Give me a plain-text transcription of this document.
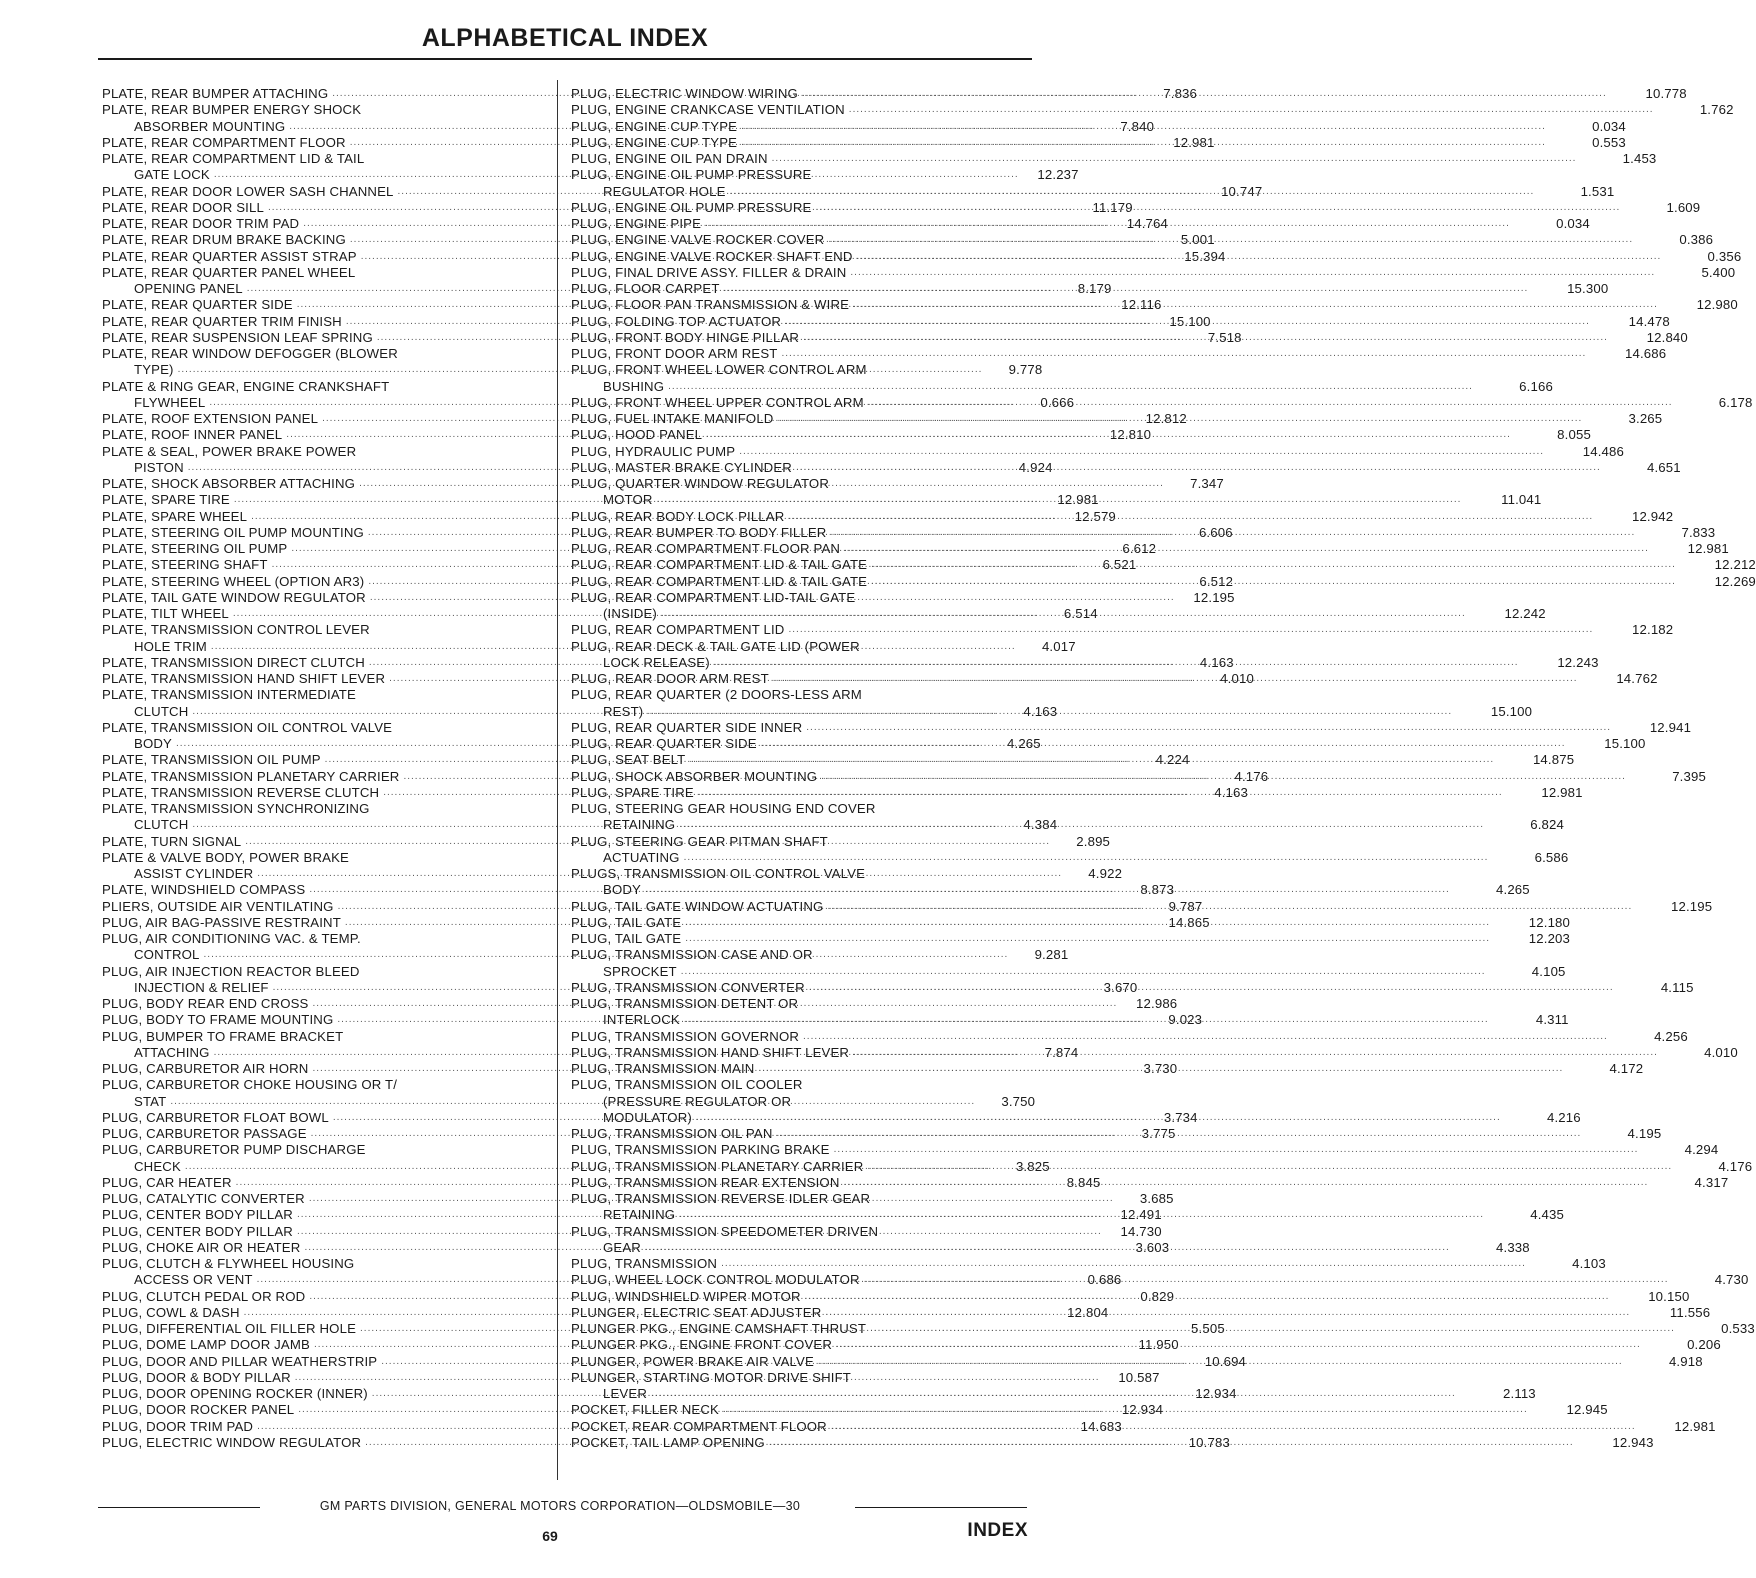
ALPHABETICAL INDEX
PLATE, REAR BUMPER ATTACHING .....	7.836
PLATE, REAR BUMPER ENERGY SHOCK
ABSORBER MOUNTING .....	7.840
PLATE, REAR COMPARTMENT FLOOR .....	12.981
PLATE, REAR COMPARTMENT LID & TAIL
GATE LOCK .....	12.237
PLATE, REAR DOOR LOWER SASH CHANNEL .....	10.747
PLATE, REAR DOOR SILL .....	11.179
PLATE, REAR DOOR TRIM PAD .....	14.764
PLATE, REAR DRUM BRAKE BACKING .....	5.001
PLATE, REAR QUARTER ASSIST STRAP .....	15.394
PLATE, REAR QUARTER PANEL WHEEL
OPENING PANEL .....	8.179
PLATE, REAR QUARTER SIDE .....	12.116
PLATE, REAR QUARTER TRIM FINISH .....	15.100
PLATE, REAR SUSPENSION LEAF SPRING .....	7.518
PLATE, REAR WINDOW DEFOGGER (BLOWER
TYPE) .....	9.778
PLATE & RING GEAR, ENGINE CRANKSHAFT
FLYWHEEL .....	0.666
PLATE, ROOF EXTENSION PANEL .....	12.812
PLATE, ROOF INNER PANEL .....	12.810
PLATE & SEAL, POWER BRAKE POWER
PISTON .....	4.924
PLATE, SHOCK ABSORBER ATTACHING .....	7.347
PLATE, SPARE TIRE .....	12.981
PLATE, SPARE WHEEL .....	12.579
PLATE, STEERING OIL PUMP MOUNTING .....	6.606
PLATE, STEERING OIL PUMP .....	6.612
PLATE, STEERING SHAFT .....	6.521
PLATE, STEERING WHEEL (OPTION AR3) .....	6.512
PLATE, TAIL GATE WINDOW REGULATOR .....	12.195
PLATE, TILT WHEEL .....	6.514
PLATE, TRANSMISSION CONTROL LEVER
HOLE TRIM .....	4.017
PLATE, TRANSMISSION DIRECT CLUTCH .....	4.163
PLATE, TRANSMISSION HAND SHIFT LEVER .....	4.010
PLATE, TRANSMISSION INTERMEDIATE
CLUTCH .....	4.163
PLATE, TRANSMISSION OIL CONTROL VALVE
BODY .....	4.265
PLATE, TRANSMISSION OIL PUMP .....	4.224
PLATE, TRANSMISSION PLANETARY CARRIER .....	4.176
PLATE, TRANSMISSION REVERSE CLUTCH .....	4.163
PLATE, TRANSMISSION SYNCHRONIZING
CLUTCH .....	4.384
PLATE, TURN SIGNAL .....	2.895
PLATE & VALVE BODY, POWER BRAKE
ASSIST CYLINDER .....	4.922
PLATE, WINDSHIELD COMPASS .....	8.873
PLIERS, OUTSIDE AIR VENTILATING .....	9.787
PLUG, AIR BAG-PASSIVE RESTRAINT .....	14.865
PLUG, AIR CONDITIONING VAC. & TEMP.
CONTROL .....	9.281
PLUG, AIR INJECTION REACTOR BLEED
INJECTION & RELIEF .....	3.670
PLUG, BODY REAR END CROSS .....	12.986
PLUG, BODY TO FRAME MOUNTING .....	9.023
PLUG, BUMPER TO FRAME BRACKET
ATTACHING .....	7.874
PLUG, CARBURETOR AIR HORN .....	3.730
PLUG, CARBURETOR CHOKE HOUSING OR T/
STAT .....	3.750
PLUG, CARBURETOR FLOAT BOWL .....	3.734
PLUG, CARBURETOR PASSAGE .....	3.775
PLUG, CARBURETOR PUMP DISCHARGE
CHECK .....	3.825
PLUG, CAR HEATER .....	8.845
PLUG, CATALYTIC CONVERTER .....	3.685
PLUG, CENTER BODY PILLAR .....	12.491
PLUG, CENTER BODY PILLAR .....	14.730
PLUG, CHOKE AIR OR HEATER .....	3.603
PLUG, CLUTCH & FLYWHEEL HOUSING
ACCESS OR VENT .....	0.686
PLUG, CLUTCH PEDAL OR ROD .....	0.829
PLUG, COWL & DASH .....	12.804
PLUG, DIFFERENTIAL OIL FILLER HOLE .....	5.505
PLUG, DOME LAMP DOOR JAMB .....	11.950
PLUG, DOOR AND PILLAR WEATHERSTRIP .....	10.694
PLUG, DOOR & BODY PILLAR .....	10.587
PLUG, DOOR OPENING ROCKER (INNER) .....	12.934
PLUG, DOOR ROCKER PANEL .....	12.934
PLUG, DOOR TRIM PAD .....	14.683
PLUG, ELECTRIC WINDOW REGULATOR .....	10.783
PLUG, ELECTRIC WINDOW WIRING .....	10.778
PLUG, ENGINE CRANKCASE VENTILATION .....	1.762
PLUG, ENGINE CUP TYPE .....	0.034
PLUG, ENGINE CUP TYPE .....	0.553
PLUG, ENGINE OIL PAN DRAIN .....	1.453
PLUG, ENGINE OIL PUMP PRESSURE
REGULATOR HOLE .....	1.531
PLUG, ENGINE OIL PUMP PRESSURE .....	1.609
PLUG, ENGINE PIPE .....	0.034
PLUG, ENGINE VALVE ROCKER COVER .....	0.386
PLUG, ENGINE VALVE ROCKER SHAFT END .....	0.356
PLUG, FINAL DRIVE ASSY. FILLER & DRAIN .....	5.400
PLUG, FLOOR CARPET .....	15.300
PLUG, FLOOR PAN TRANSMISSION & WIRE .....	12.980
PLUG, FOLDING TOP ACTUATOR .....	14.478
PLUG, FRONT BODY HINGE PILLAR .....	12.840
PLUG, FRONT DOOR ARM REST .....	14.686
PLUG, FRONT WHEEL LOWER CONTROL ARM
BUSHING .....	6.166
PLUG, FRONT WHEEL UPPER CONTROL ARM .....	6.178
PLUG, FUEL INTAKE MANIFOLD .....	3.265
PLUG, HOOD PANEL .....	8.055
PLUG, HYDRAULIC PUMP .....	14.486
PLUG, MASTER BRAKE CYLINDER .....	4.651
PLUG, QUARTER WINDOW REGULATOR
MOTOR .....	11.041
PLUG, REAR BODY LOCK PILLAR .....	12.942
PLUG, REAR BUMPER TO BODY FILLER .....	7.833
PLUG, REAR COMPARTMENT FLOOR PAN .....	12.981
PLUG, REAR COMPARTMENT LID & TAIL GATE .....	12.212
PLUG, REAR COMPARTMENT LID & TAIL GATE .....	12.269
PLUG, REAR COMPARTMENT LID-TAIL GATE
(INSIDE) .....	12.242
PLUG, REAR COMPARTMENT LID .....	12.182
PLUG, REAR DECK & TAIL GATE LID (POWER
LOCK RELEASE) .....	12.243
PLUG, REAR DOOR ARM REST .....	14.762
PLUG, REAR QUARTER (2 DOORS-LESS ARM
REST) .....	15.100
PLUG, REAR QUARTER SIDE INNER .....	12.941
PLUG, REAR QUARTER SIDE .....	15.100
PLUG, SEAT BELT .....	14.875
PLUG, SHOCK ABSORBER MOUNTING .....	7.395
PLUG, SPARE TIRE .....	12.981
PLUG, STEERING GEAR HOUSING END COVER
RETAINING .....	6.824
PLUG, STEERING GEAR PITMAN SHAFT
ACTUATING .....	6.586
PLUGS, TRANSMISSION OIL CONTROL VALVE
BODY .....	4.265
PLUG, TAIL GATE WINDOW ACTUATING .....	12.195
PLUG, TAIL GATE .....	12.180
PLUG, TAIL GATE .....	12.203
PLUG, TRANSMISSION CASE AND OR
SPROCKET .....	4.105
PLUG, TRANSMISSION CONVERTER .....	4.115
PLUG, TRANSMISSION DETENT OR
INTERLOCK .....	4.311
PLUG, TRANSMISSION GOVERNOR .....	4.256
PLUG, TRANSMISSION HAND SHIFT LEVER .....	4.010
PLUG, TRANSMISSION MAIN .....	4.172
PLUG, TRANSMISSION OIL COOLER
(PRESSURE REGULATOR OR
MODULATOR) .....	4.216
PLUG, TRANSMISSION OIL PAN .....	4.195
PLUG, TRANSMISSION PARKING BRAKE .....	4.294
PLUG, TRANSMISSION PLANETARY CARRIER .....	4.176
PLUG, TRANSMISSION REAR EXTENSION .....	4.317
PLUG, TRANSMISSION REVERSE IDLER GEAR
RETAINING .....	4.435
PLUG, TRANSMISSION SPEEDOMETER DRIVEN
GEAR .....	4.338
PLUG, TRANSMISSION .....	4.103
PLUG, WHEEL LOCK CONTROL MODULATOR .....	4.730
PLUG, WINDSHIELD WIPER MOTOR .....	10.150
PLUNGER, ELECTRIC SEAT ADJUSTER .....	11.556
PLUNGER PKG., ENGINE CAMSHAFT THRUST .....	0.533
PLUNGER PKG., ENGINE FRONT COVER .....	0.206
PLUNGER, POWER BRAKE AIR VALVE .....	4.918
PLUNGER, STARTING MOTOR DRIVE SHIFT
LEVER .....	2.113
POCKET, FILLER NECK .....	12.945
POCKET, REAR COMPARTMENT FLOOR .....	12.981
POCKET, TAIL LAMP OPENING .....	12.943
GM PARTS DIVISION, GENERAL MOTORS CORPORATION—OLDSMOBILE—30
69	INDEX
